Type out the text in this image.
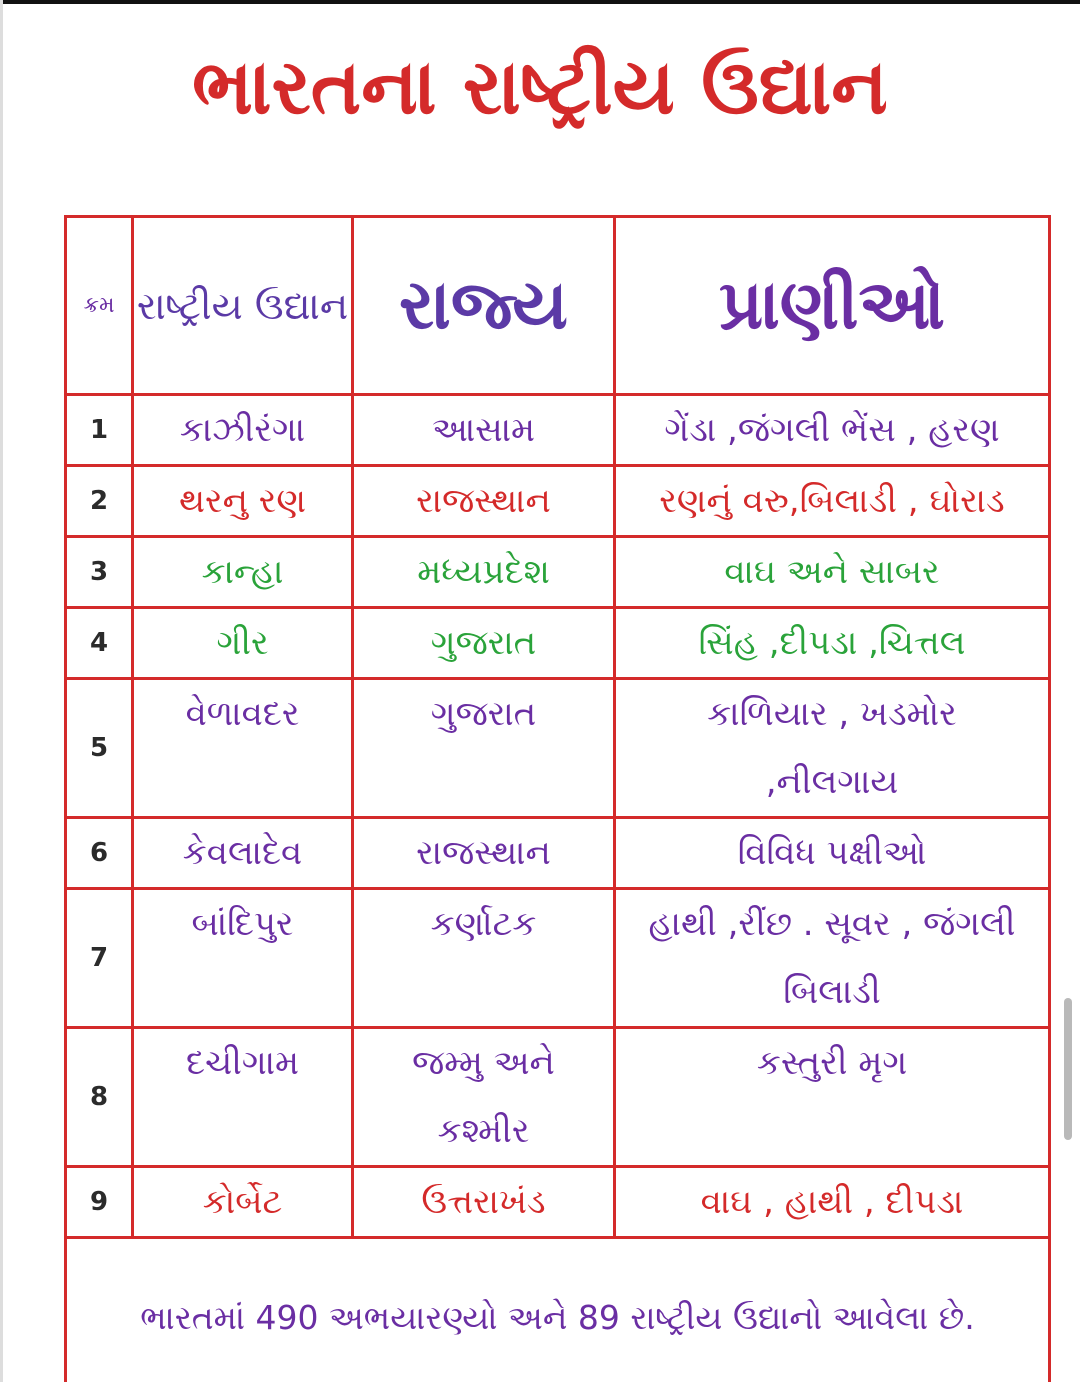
ભારતના રાષ્ટ્રીય ઉદ્યાન
ક્રમ	રાષ્ટ્રીય ઉદ્યાન	રાજ્ય	પ્રાણીઓ
1	કાઝીરંગા	આસામ	ગેંડા ,જંગલી ભેંસ , હરણ
2	થરનુ રણ	રાજસ્થાન	રણનું વરુ,બિલાડી , ઘોરાડ
3	કાન્હા	મધ્યપ્રદેશ	વાઘ અને સાબર
4	ગીર	ગુજરાત	સિંહ ,દીપડા ,ચિત્તલ
5	વેળાવદર	ગુજરાત	કાળિયાર , ખડમોર ,નીલગાય
6	કેવલાદેવ	રાજસ્થાન	વિવિધ પક્ષીઓ
7	બાંદિપુર	કર્ણાટક	હાથી ,રીંછ . સૂવર , જંગલી બિલાડી
8	દચીગામ	જમ્મુ અને કશ્મીર	કસ્તુરી મૃગ
9	કોર્બેટ	ઉત્તરાખંડ	વાઘ , હાથી , દીપડા
ભારતમાં 490 અભયારણ્યો અને 89 રાષ્ટ્રીય ઉદ્યાનો આવેલા છે.			
